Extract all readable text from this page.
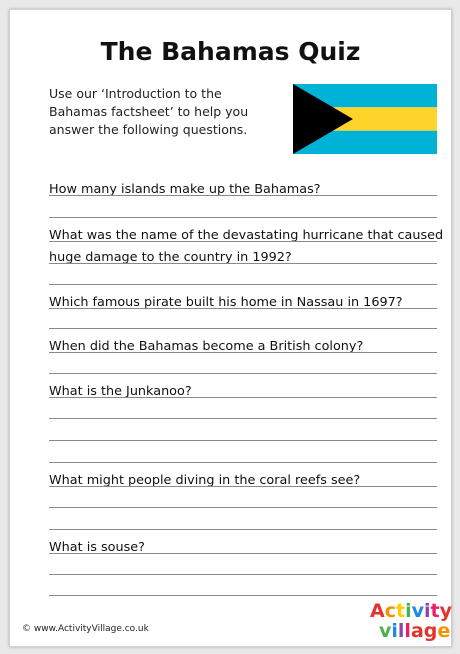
The Bahamas Quiz
Use our ‘Introduction to the Bahamas factsheet’ to help you answer the following questions.
How many islands make up the Bahamas?
What was the name of the devastating hurricane that caused
huge damage to the country in 1992?
Which famous pirate built his home in Nassau in 1697?
When did the Bahamas become a British colony?
What is the Junkanoo?
What might people diving in the coral reefs see?
What is souse?
© www.ActivityVillage.co.uk
Activity
village
